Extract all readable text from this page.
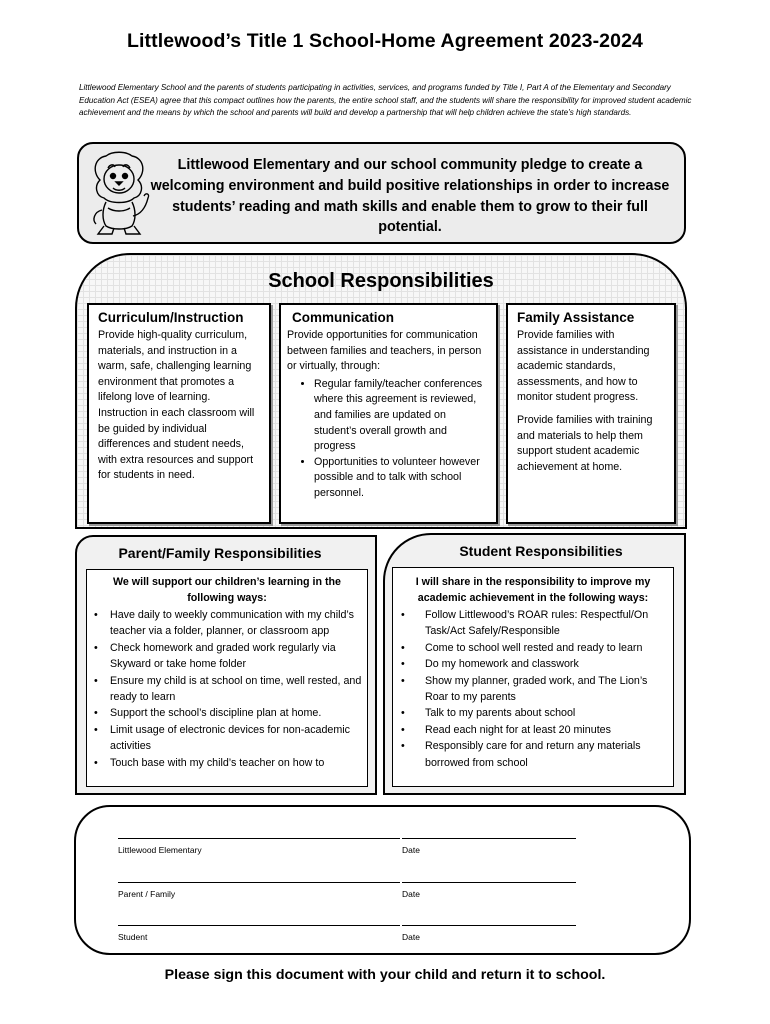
Littlewood’s Title 1 School-Home Agreement 2023-2024
Littlewood Elementary School and the parents of students participating in activities, services, and programs funded by Title I, Part A of the Elementary and Secondary Education Act (ESEA) agree that this compact outlines how the parents, the entire school staff, and the students will share the responsibility for improved student academic achievement and the means by which the school and parents will build and develop a partnership that will help children achieve the state’s high standards.
Littlewood Elementary and our school community pledge to create a welcoming environment and build positive relationships in order to increase students’ reading and math skills and enable them to grow to their full potential.
School Responsibilities
Curriculum/Instruction

Provide high-quality curriculum, materials, and instruction in a warm, safe, challenging learning environment that promotes a lifelong love of learning. Instruction in each classroom will be guided by individual differences and student needs, with extra resources and support for students in need.

Communication

Provide opportunities for communication between families and teachers, in person or virtually, through:

• Regular family/teacher conferences where this agreement is reviewed, and families are updated on student’s overall growth and progress
• Opportunities to volunteer however possible and to talk with school personnel.
Family Assistance

Provide families with assistance in understanding academic standards, assessments, and how to monitor student progress.

Provide families with training and materials to help them support student academic achievement at home.

Parent/Family Responsibilities
We will support our children’s learning in the following ways:
• Have daily to weekly communication with my child’s teacher via a folder, planner, or classroom app
• Check homework and graded work regularly via Skyward or take home folder
• Ensure my child is at school on time, well rested, and ready to learn
• Support the school’s discipline plan at home.
• Limit usage of electronic devices for non-academic activities
• Touch base with my child’s teacher on how to
Student Responsibilities
I will share in the responsibility to improve my academic achievement in the following ways:
• Follow Littlewood’s ROAR rules: Respectful/On Task/Act Safely/Responsible
• Come to school well rested and ready to learn
• Do my homework and classwork
• Show my planner, graded work, and The Lion’s Roar to my parents
• Talk to my parents about school
• Read each night for at least 20 minutes
• Responsibly care for and return any materials borrowed from school
Littlewood Elementary	Date
Parent / Family	Date
Student	Date
Please sign this document with your child and return it to school.
